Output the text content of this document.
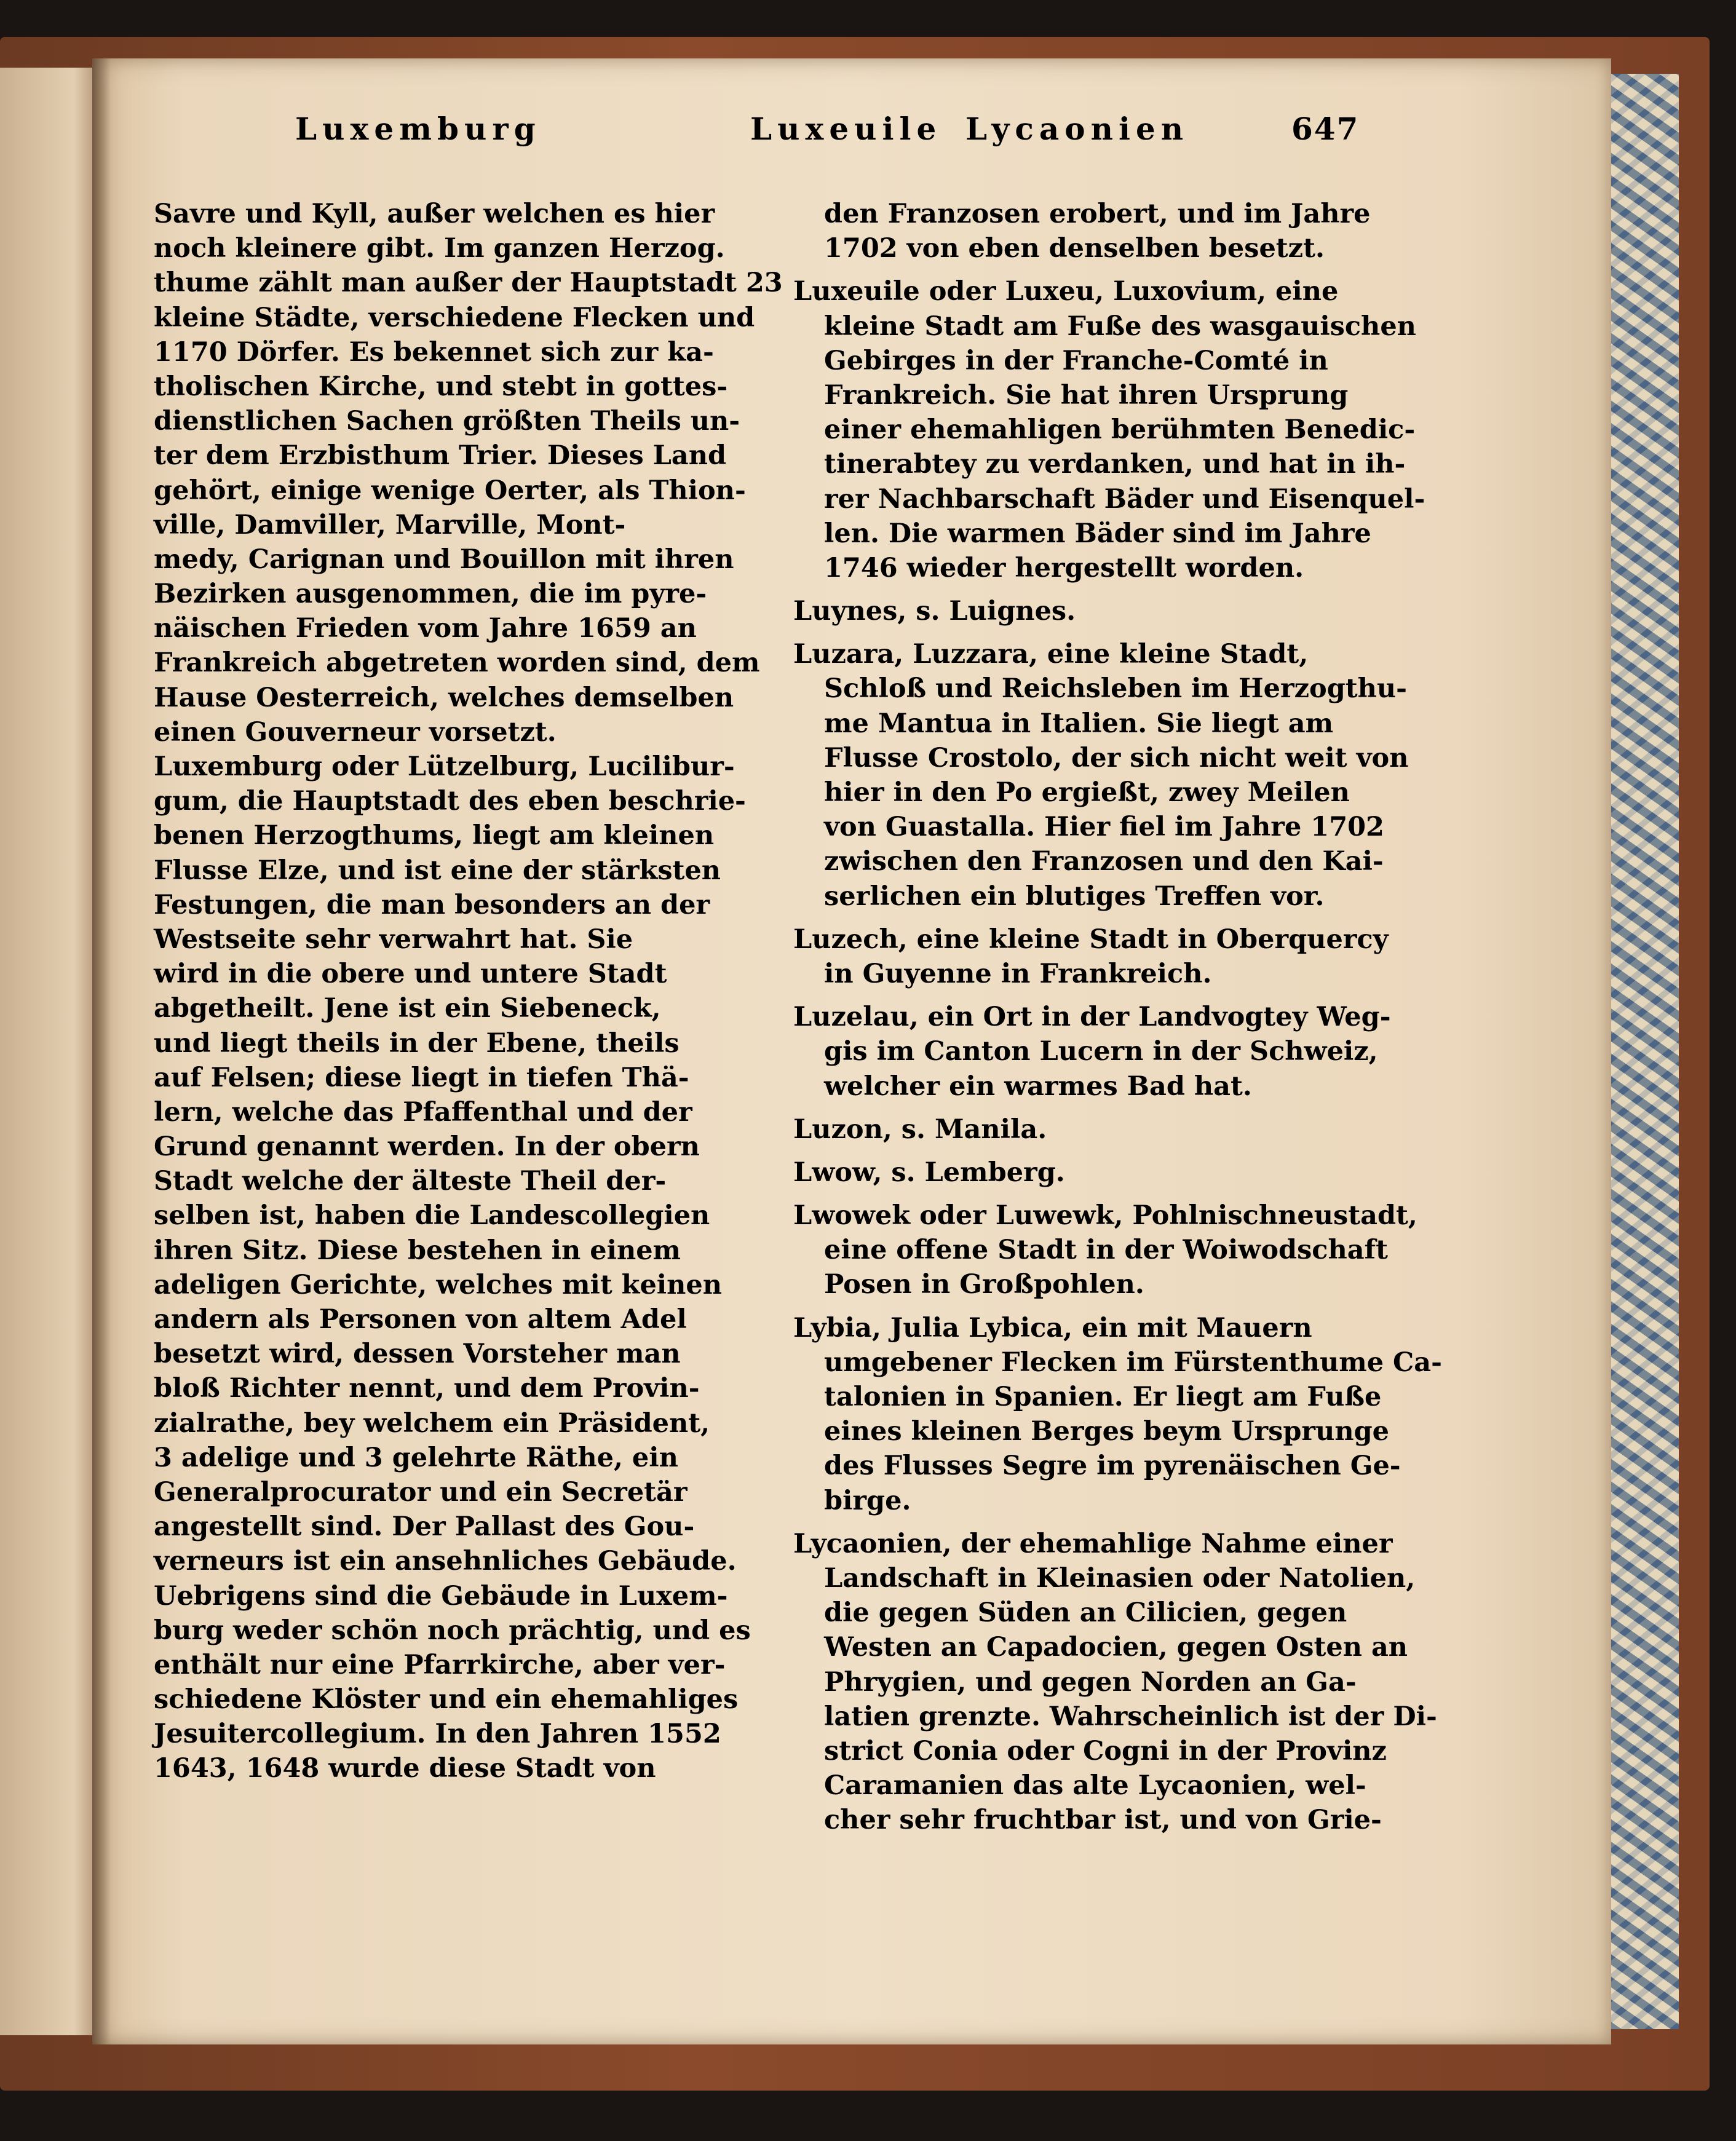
Luxemburg	Luxeuile Lycaonien	647
Savre und Kyll, außer welchen es hier
noch kleinere gibt. Im ganzen Herzog.
thume zählt man außer der Hauptstadt 23
kleine Städte, verschiedene Flecken und
1170 Dörfer. Es bekennet sich zur ka-
tholischen Kirche, und stebt in gottes-
dienstlichen Sachen größten Theils un-
ter dem Erzbisthum Trier. Dieses Land
gehört, einige wenige Oerter, als Thion-
ville, Damviller, Marville, Mont-
medy, Carignan und Bouillon mit ihren
Bezirken ausgenommen, die im pyre-
näischen Frieden vom Jahre 1659 an
Frankreich abgetreten worden sind, dem
Hause Oesterreich, welches demselben
einen Gouverneur vorsetzt.
Luxemburg oder Lützelburg, Lucilibur-
gum, die Hauptstadt des eben beschrie-
benen Herzogthums, liegt am kleinen
Flusse Elze, und ist eine der stärksten
Festungen, die man besonders an der
Westseite sehr verwahrt hat. Sie
wird in die obere und untere Stadt
abgetheilt. Jene ist ein Siebeneck,
und liegt theils in der Ebene, theils
auf Felsen; diese liegt in tiefen Thä-
lern, welche das Pfaffenthal und der
Grund genannt werden. In der obern
Stadt welche der älteste Theil der-
selben ist, haben die Landescollegien
ihren Sitz. Diese bestehen in einem
adeligen Gerichte, welches mit keinen
andern als Personen von altem Adel
besetzt wird, dessen Vorsteher man
bloß Richter nennt, und dem Provin-
zialrathe, bey welchem ein Präsident,
3 adelige und 3 gelehrte Räthe, ein
Generalprocurator und ein Secretär
angestellt sind. Der Pallast des Gou-
verneurs ist ein ansehnliches Gebäude.
Uebrigens sind die Gebäude in Luxem-
burg weder schön noch prächtig, und es
enthält nur eine Pfarrkirche, aber ver-
schiedene Klöster und ein ehemahliges
Jesuitercollegium. In den Jahren 1552
1643, 1648 wurde diese Stadt von
den Franzosen erobert, und im Jahre
1702 von eben denselben besetzt.
Luxeuile oder Luxeu, Luxovium, eine
kleine Stadt am Fuße des wasgauischen
Gebirges in der Franche-Comté in
Frankreich. Sie hat ihren Ursprung
einer ehemahligen berühmten Benedic-
tinerabtey zu verdanken, und hat in ih-
rer Nachbarschaft Bäder und Eisenquel-
len. Die warmen Bäder sind im Jahre
1746 wieder hergestellt worden.
Luynes, s. Luignes.
Luzara, Luzzara, eine kleine Stadt,
Schloß und Reichsleben im Herzogthu-
me Mantua in Italien. Sie liegt am
Flusse Crostolo, der sich nicht weit von
hier in den Po ergießt, zwey Meilen
von Guastalla. Hier fiel im Jahre 1702
zwischen den Franzosen und den Kai-
serlichen ein blutiges Treffen vor.
Luzech, eine kleine Stadt in Oberquercy
in Guyenne in Frankreich.
Luzelau, ein Ort in der Landvogtey Weg-
gis im Canton Lucern in der Schweiz,
welcher ein warmes Bad hat.
Luzon, s. Manila.
Lwow, s. Lemberg.
Lwowek oder Luwewk, Pohlnischneustadt,
eine offene Stadt in der Woiwodschaft
Posen in Großpohlen.
Lybia, Julia Lybica, ein mit Mauern
umgebener Flecken im Fürstenthume Ca-
talonien in Spanien. Er liegt am Fuße
eines kleinen Berges beym Ursprunge
des Flusses Segre im pyrenäischen Ge-
birge.
Lycaonien, der ehemahlige Nahme einer
Landschaft in Kleinasien oder Natolien,
die gegen Süden an Cilicien, gegen
Westen an Capadocien, gegen Osten an
Phrygien, und gegen Norden an Ga-
latien grenzte. Wahrscheinlich ist der Di-
strict Conia oder Cogni in der Provinz
Caramanien das alte Lycaonien, wel-
cher sehr fruchtbar ist, und von Grie-
